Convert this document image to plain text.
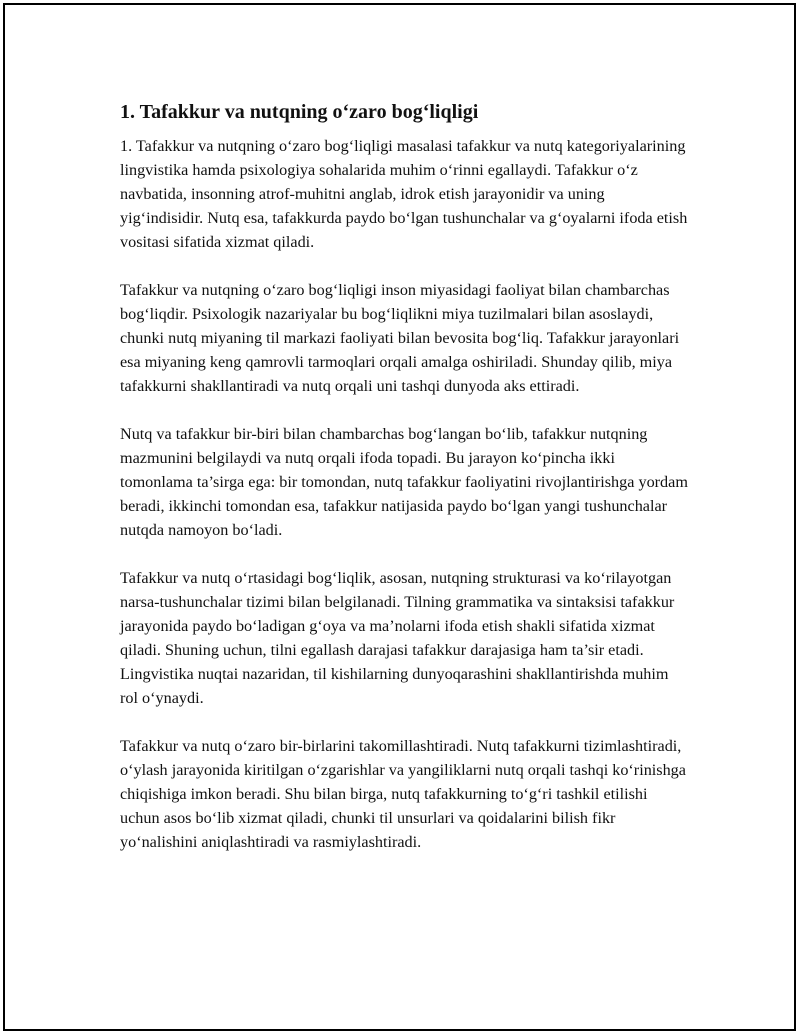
1. Tafakkur va nutqning o‘zaro bog‘liqligi

1. Tafakkur va nutqning o‘zaro bog‘liqligi masalasi tafakkur va nutq kategoriyalarining lingvistika hamda psixologiya sohalarida muhim o‘rinni egallaydi. Tafakkur o‘z navbatida, insonning atrof-muhitni anglab, idrok etish jarayonidir va uning yig‘indisidir. Nutq esa, tafakkurda paydo bo‘lgan tushunchalar va g‘oyalarni ifoda etish vositasi sifatida xizmat qiladi.

Tafakkur va nutqning o‘zaro bog‘liqligi inson miyasidagi faoliyat bilan chambarchas bog‘liqdir. Psixologik nazariyalar bu bog‘liqlikni miya tuzilmalari bilan asoslaydi, chunki nutq miyaning til markazi faoliyati bilan bevosita bog‘liq. Tafakkur jarayonlari esa miyaning keng qamrovli tarmoqlari orqali amalga oshiriladi. Shunday qilib, miya tafakkurni shakllantiradi va nutq orqali uni tashqi dunyoda aks ettiradi.

Nutq va tafakkur bir-biri bilan chambarchas bog‘langan bo‘lib, tafakkur nutqning mazmunini belgilaydi va nutq orqali ifoda topadi. Bu jarayon ko‘pincha ikki tomonlama ta’sirga ega: bir tomondan, nutq tafakkur faoliyatini rivojlantirishga yordam beradi, ikkinchi tomondan esa, tafakkur natijasida paydo bo‘lgan yangi tushunchalar nutqda namoyon bo‘ladi.

Tafakkur va nutq o‘rtasidagi bog‘liqlik, asosan, nutqning strukturasi va ko‘rilayotgan narsa-tushunchalar tizimi bilan belgilanadi. Tilning grammatika va sintaksisi tafakkur jarayonida paydo bo‘ladigan g‘oya va ma’nolarni ifoda etish shakli sifatida xizmat qiladi. Shuning uchun, tilni egallash darajasi tafakkur darajasiga ham ta’sir etadi. Lingvistika nuqtai nazaridan, til kishilarning dunyoqarashini shakllantirishda muhim rol o‘ynaydi.

Tafakkur va nutq o‘zaro bir-birlarini takomillashtiradi. Nutq tafakkurni tizimlashtiradi, o‘ylash jarayonida kiritilgan o‘zgarishlar va yangiliklarni nutq orqali tashqi ko‘rinishga chiqishiga imkon beradi. Shu bilan birga, nutq tafakkurning to‘g‘ri tashkil etilishi uchun asos bo‘lib xizmat qiladi, chunki til unsurlari va qoidalarini bilish fikr yo‘nalishini aniqlashtiradi va rasmiylashtiradi.
